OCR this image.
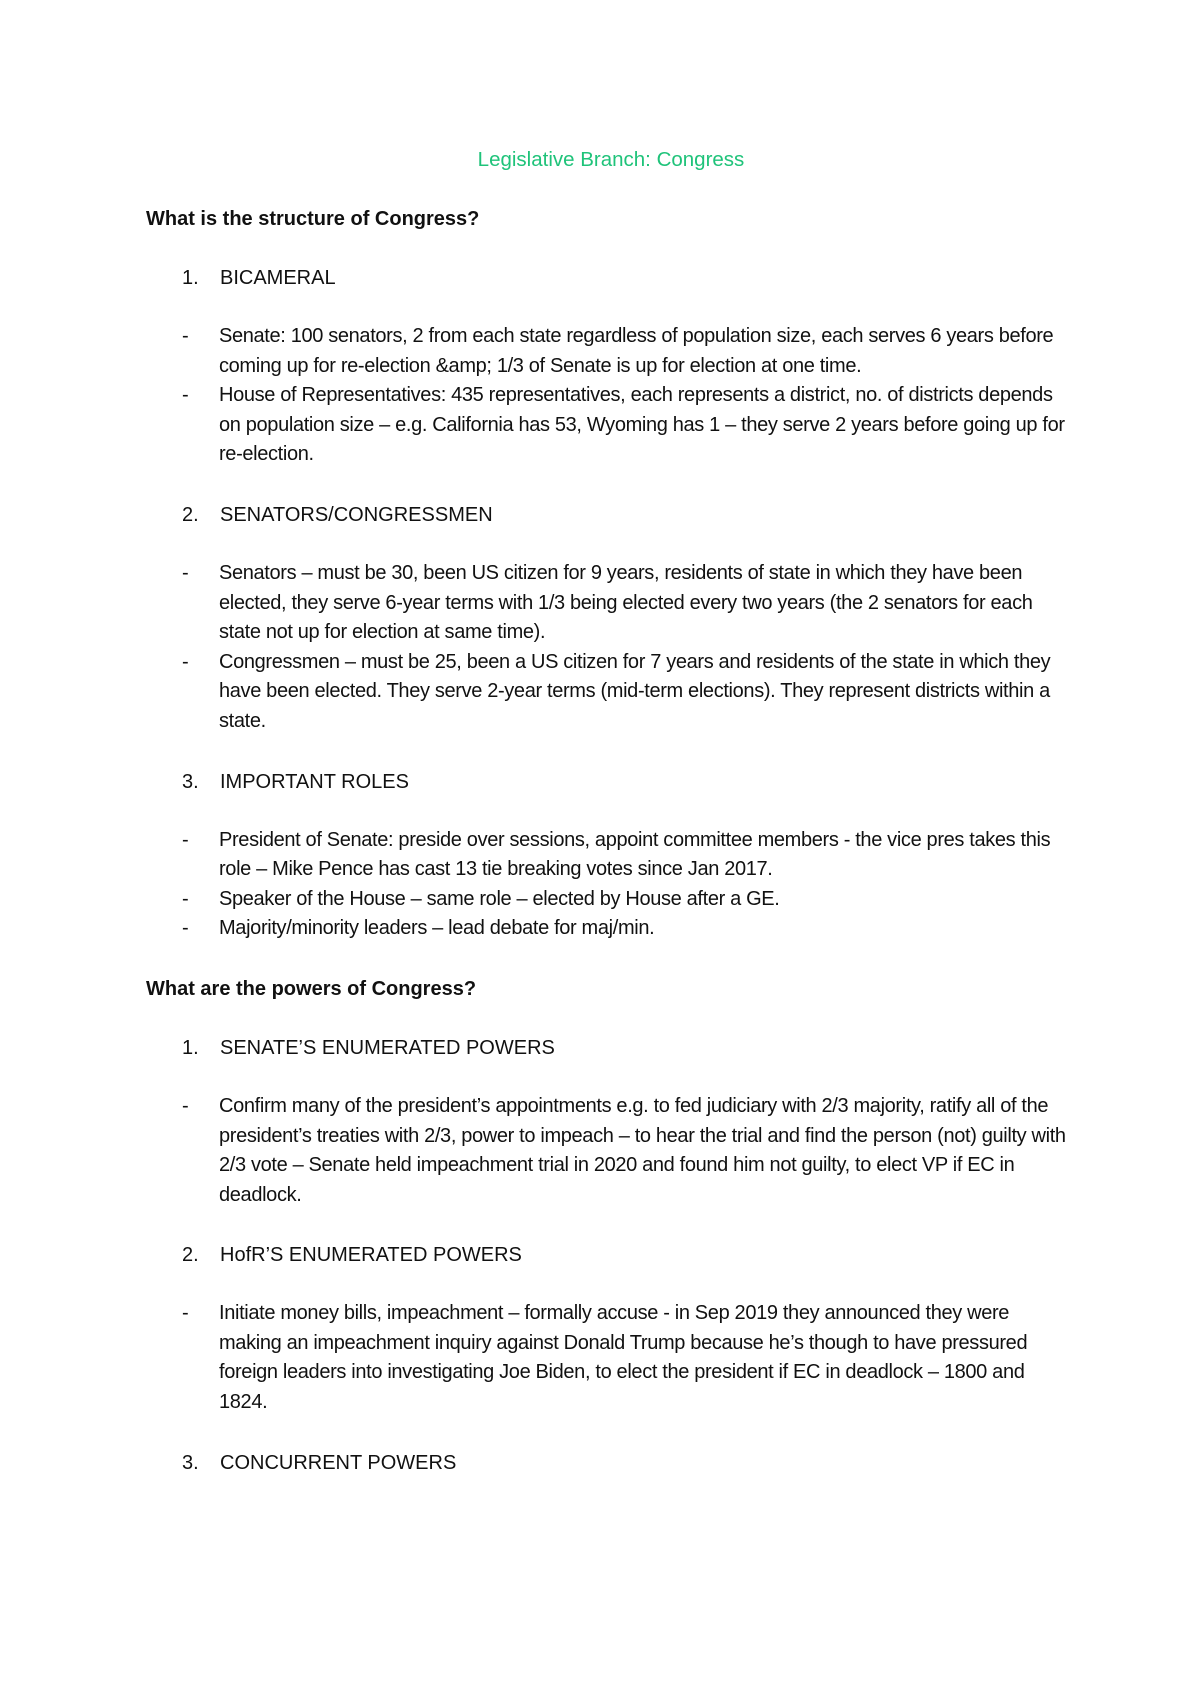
Legislative Branch: Congress
What is the structure of Congress?
1.	BICAMERAL
- Senate: 100 senators, 2 from each state regardless of population size, each serves 6 years before coming up for re-election &amp; 1/3 of Senate is up for election at one time.
- House of Representatives: 435 representatives, each represents a district, no. of districts depends on population size – e.g. California has 53, Wyoming has 1 – they serve 2 years before going up for re-election.
2.	SENATORS/CONGRESSMEN
- Senators – must be 30, been US citizen for 9 years, residents of state in which they have been elected, they serve 6-year terms with 1/3 being elected every two years (the 2 senators for each state not up for election at same time).
- Congressmen – must be 25, been a US citizen for 7 years and residents of the state in which they have been elected. They serve 2-year terms (mid-term elections). They represent districts within a state.
3.	IMPORTANT ROLES
- President of Senate: preside over sessions, appoint committee members - the vice pres takes this role – Mike Pence has cast 13 tie breaking votes since Jan 2017.
- Speaker of the House – same role – elected by House after a GE.
- Majority/minority leaders – lead debate for maj/min.
What are the powers of Congress?
1.	SENATE’S ENUMERATED POWERS
- Confirm many of the president’s appointments e.g. to fed judiciary with 2/3 majority, ratify all of the president’s treaties with 2/3, power to impeach – to hear the trial and find the person (not) guilty with 2/3 vote – Senate held impeachment trial in 2020 and found him not guilty, to elect VP if EC in deadlock.
2.	HofR’S ENUMERATED POWERS
- Initiate money bills, impeachment – formally accuse - in Sep 2019 they announced they were making an impeachment inquiry against Donald Trump because he’s though to have pressured foreign leaders into investigating Joe Biden, to elect the president if EC in deadlock – 1800 and 1824.
3.	CONCURRENT POWERS
